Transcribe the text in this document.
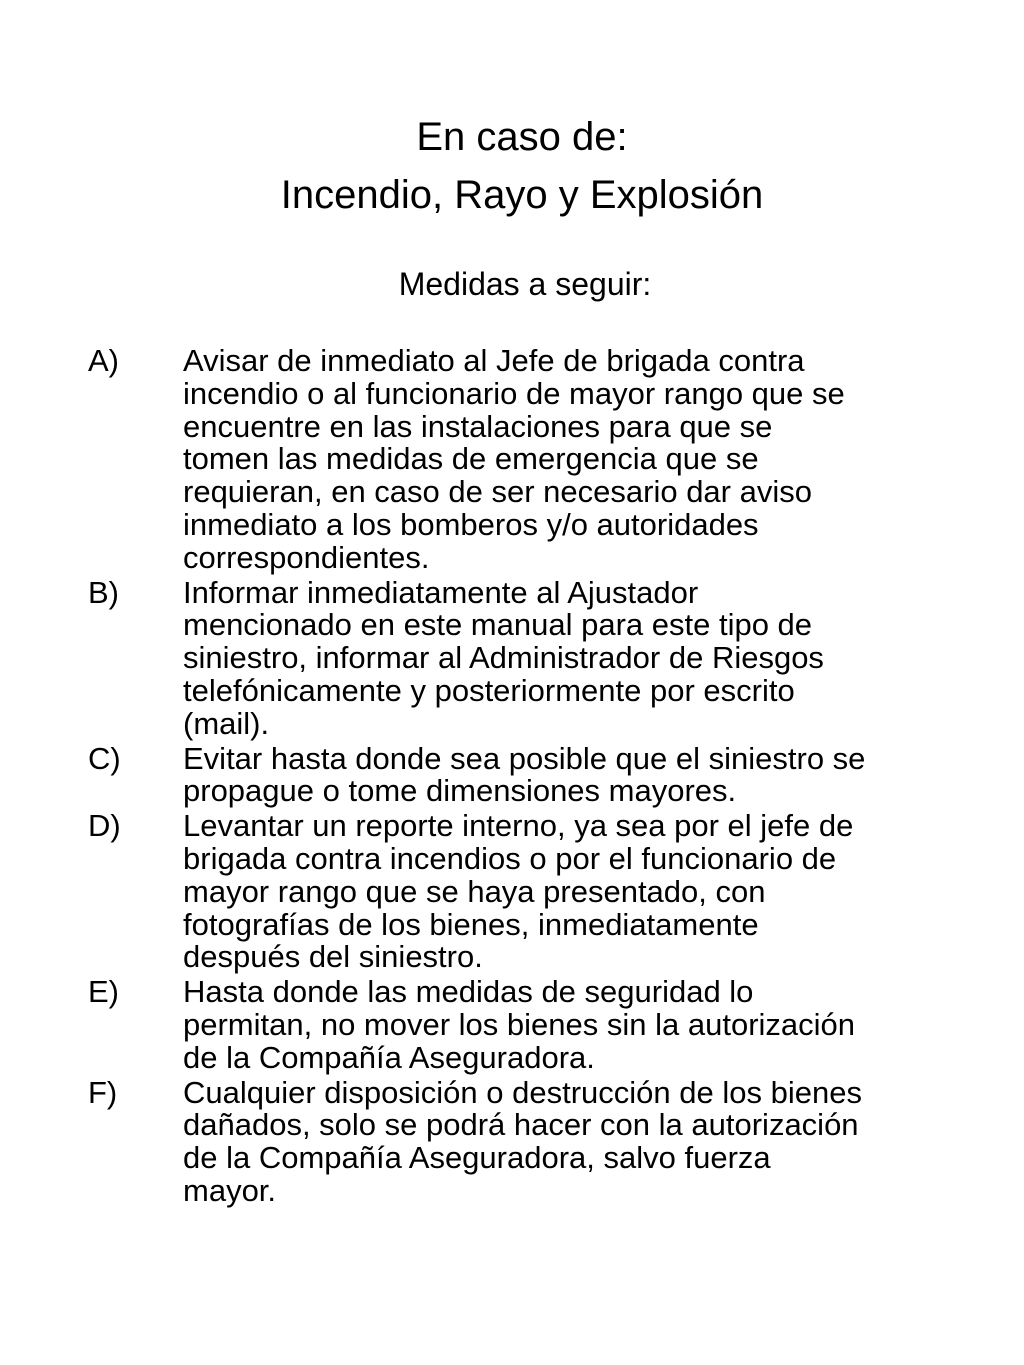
En caso de:
Incendio, Rayo y Explosión
Medidas a seguir:
A) Avisar de inmediato al Jefe de brigada contra
incendio o al funcionario de mayor rango que se
encuentre en las instalaciones para que se
tomen las medidas de emergencia que se
requieran, en caso de ser necesario dar aviso
inmediato a los bomberos y/o autoridades
correspondientes.
B) Informar inmediatamente al Ajustador
mencionado en este manual para este tipo de
siniestro, informar al Administrador de Riesgos
telefónicamente y posteriormente por escrito
(mail).
C) Evitar hasta donde sea posible que el siniestro se
propague o tome dimensiones mayores.
D) Levantar un reporte interno, ya sea por el jefe de
brigada contra incendios o por el funcionario de
mayor rango que se haya presentado, con
fotografías de los bienes, inmediatamente
después del siniestro.
E) Hasta donde las medidas de seguridad lo
permitan, no mover los bienes sin la autorización
de la Compañía Aseguradora.
F) Cualquier disposición o destrucción de los bienes
dañados, solo se podrá hacer con la autorización
de la Compañía Aseguradora, salvo fuerza
mayor.
